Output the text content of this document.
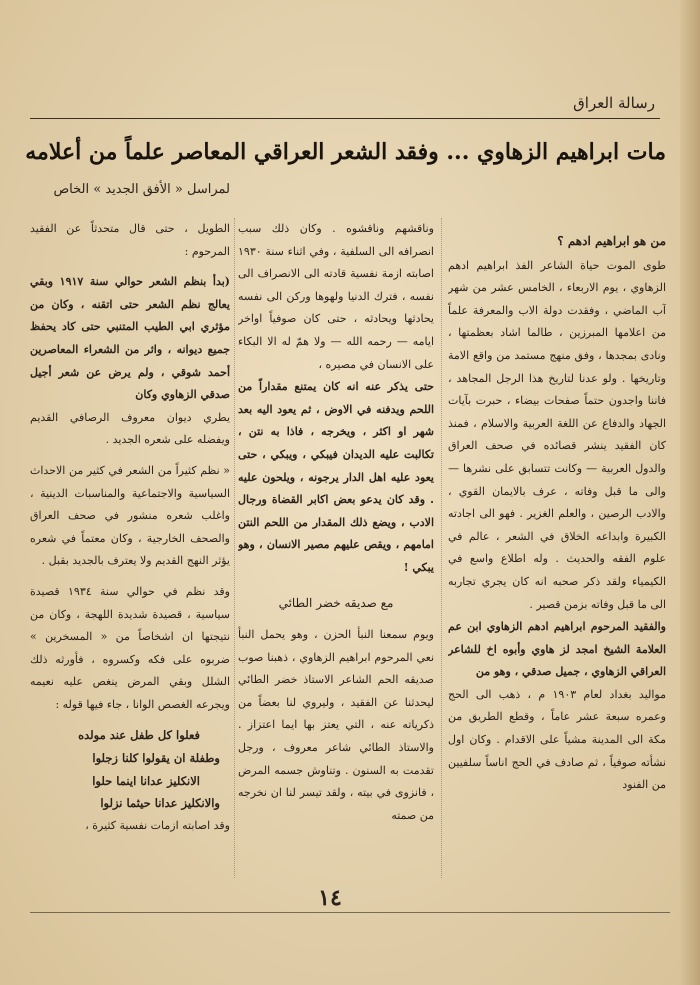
رسالة العراق
مات ابراهيم الزهاوي ... وفقد الشعر العراقي المعاصر علماً من أعلامه
لمراسل « الأفق الجديد » الخاص

من هو ابراهيم ادهم ؟

طوى الموت حياة الشاعر الفذ ابراهيم ادهم الزهاوي ، يوم الاربعاء ، الخامس عشر من شهر آب الماضي ، وفقدت دولة الاب والمعرفة علماً من اعلامها المبرزين ، طالما اشاد بعظمتها ، ونادى بمجدها ، وفق منهج مستمد من واقع الامة وتاريخها . ولو عدنا لتاريخ هذا الرجل المجاهد ، فاننا واجدون حتماً صفحات بيضاء ، حبرت بآيات الجهاد والدفاع عن اللغة العربية والاسلام ، فمنذ كان الفقيد ينشر قصائده في صحف العراق والدول العربية — وكانت تتسابق على نشرها — والى ما قبل وفاته ، عرف بالايمان القوي ، والادب الرصين ، والعلم الغزير . فهو الى اجادته الكبيرة وابداعه الخلاق في الشعر ، عالم في علوم الفقه والحديث . وله اطلاع واسع في الكيمياء ولقد ذكر صحبه انه كان يجري تجاربه الى ما قبل وفاته بزمن قصير .

والفقيد المرحوم ابراهيم ادهم الزهاوي ابن عم العلامة الشيخ امجد لز هاوي وأبوه اخ للشاعر العراقي الزهاوي ، جميل صدقي ، وهو من

مواليد بغداد لعام ١٩٠٣ م ، ذهب الى الحج وعمره سبعة عشر عاماً ، وقطع الطريق من مكة الى المدينة مشياً على الاقدام . وكان اول نشأته صوفياً ، ثم صادف في الحج اناساً سلفيين من الفنود

وناقشهم وناقشوه . وكان ذلك سبب انصرافه الى السلفية ، وفي اثناء سنة ١٩٣٠ اصابته ازمة نفسية قادته الى الانصراف الى نفسه ، فترك الدنيا ولهوها وركن الى نفسه يحادثها ويحادثه ، حتى كان صوفياً اواخر ايامه — رحمه الله — ولا همّ له الا البكاء على الانسان في مصيره ،

حتى يذكر عنه انه كان يمتنع مقداراً من اللحم ويدفنه في الاوض ، ثم يعود اليه بعد شهر او اكثر ، ويخرجه ، فاذا به نتن ، تكالبت عليه الديدان فيبكي ، ويبكي ، حتى يعود عليه اهل الدار يرجونه ، ويلحون عليه . وقد كان يدعو بعض اكابر القضاة ورجال الادب ، ويضع ذلك المقدار من اللحم النتن امامهم ، ويقص عليهم مصير الانسان ، وهو يبكي !

مع صديقه خضر الطائي

ويوم سمعنا النبأ الحزن ، وهو يحمل النبأ نعي المرحوم ابراهيم الزهاوي ، ذهبنا صوب صديقه الحم الشاعر الاستاذ خضر الطائي ليحدثنا عن الفقيد ، وليروي لنا بعضاً من ذكرياته عنه ، التي يعتز بها ايما اعتزاز . والاستاذ الطائي شاعر معروف ، ورجل تقدمت به السنون . وتناوش جسمه المرض ، فانزوى في بيته ، ولقد تيسر لنا ان نخرجه من صمته

الطويل ، حتى قال متحدثاً عن الفقيد المرحوم :

(بدأ بنظم الشعر حوالي سنة ١٩١٧ وبقي يعالج نظم الشعر حتى اتقنه ، وكان من مؤثري ابي الطيب المتنبي حتى كاد يحفظ جميع ديوانه ، واثر من الشعراء المعاصرين أحمد شوقي ، ولم يرض عن شعر أجيل صدقي الزهاوي وكان

يطري ديوان معروف الرصافي القديم ويفضله على شعره الجديد .

« نظم كثيراً من الشعر في كثير من الاحداث السياسية والاجتماعية والمناسبات الدينية ، واغلب شعره منشور في صحف العراق والصحف الخارجية ، وكان معتماً في شعره يؤثر النهج القديم ولا يعترف بالجديد بقبل .

وقد نظم في حوالي سنة ١٩٣٤ قصيدة سياسية ، قصيدة شديدة اللهجة ، وكان من نتيجتها ان اشخاصاً من « المسخرين » ضربوه على فكه وكسروه ، فأورثه ذلك الشلل وبقي المرض ينغص عليه نعيمه ويجرعه الغصص الوانا ، جاء فيها قوله :

فعلوا كل طفل عند مولده

وطفلة ان يقولوا كلنا زجلوا

الانكليز عدانا اينما حلوا

والانكليز عدانا حيثما نزلوا

وقد اصابته ازمات نفسية كثيرة ،

١٤
